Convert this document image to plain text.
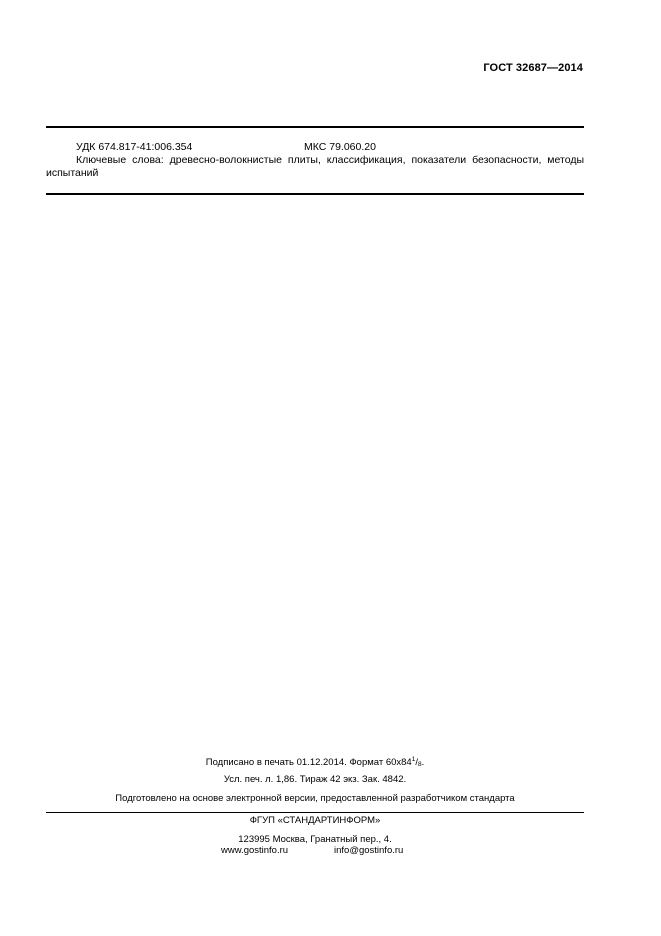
ГОСТ 32687—2014
УДК 674.817-41:006.354	МКС 79.060.20
Ключевые слова: древесно-волокнистые плиты, классификация, показатели безопасности, методы испытаний
Подписано в печать 01.12.2014. Формат $60х84^1/_8$.
Усл. печ. л. 1,86. Тираж 42 экз. Зак. 4842.
Подготовлено на основе электронной версии, предоставленной разработчиком стандарта
ФГУП «СТАНДАРТИНФОРМ»
123995 Москва, Гранатный пер., 4.
www.gostinfo.ru	info@gostinfo.ru
